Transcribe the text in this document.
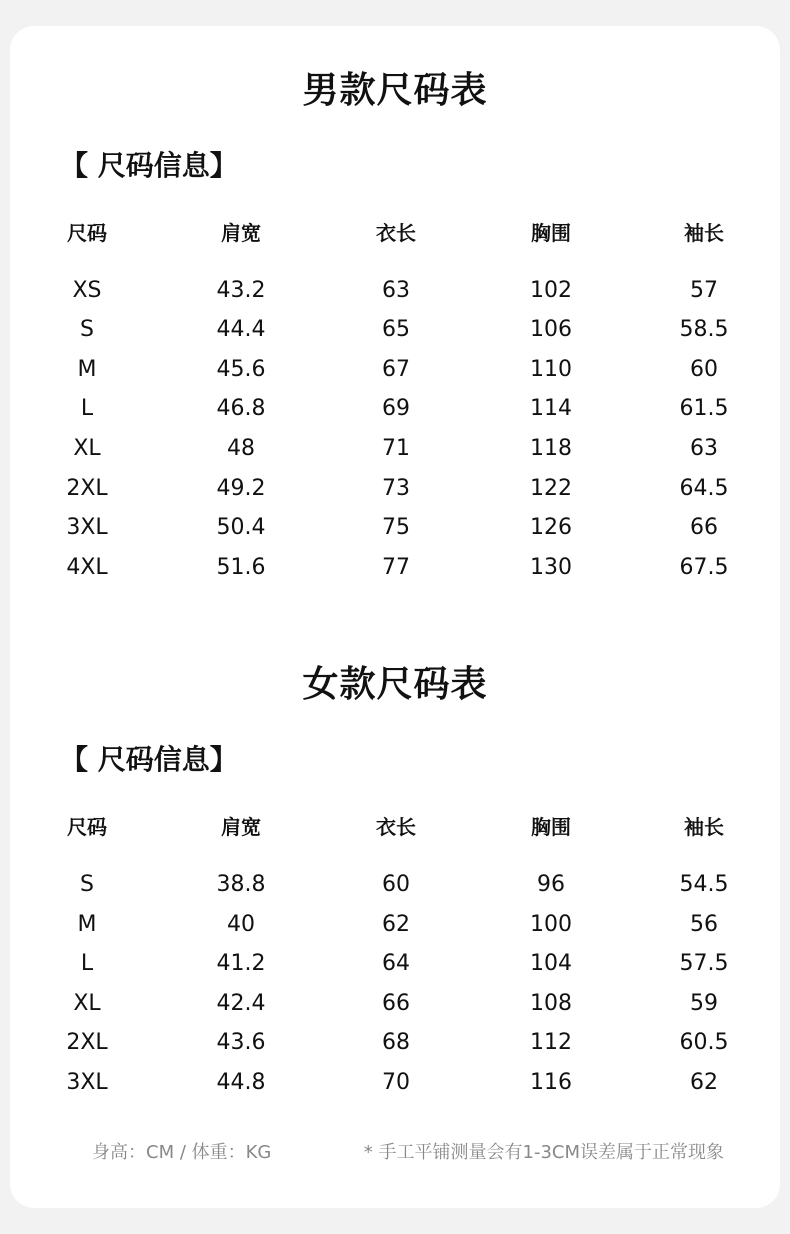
男款尺码表
【 尺码信息】
尺码	肩宽	衣长	胸围	袖长
XS	43.2	63	102	57
S	44.4	65	106	58.5
M	45.6	67	110	60
L	46.8	69	114	61.5
XL	48	71	118	63
2XL	49.2	73	122	64.5
3XL	50.4	75	126	66
4XL	51.6	77	130	67.5
女款尺码表
【 尺码信息】
尺码	肩宽	衣长	胸围	袖长
S	38.8	60	96	54.5
M	40	62	100	56
L	41.2	64	104	57.5
XL	42.4	66	108	59
2XL	43.6	68	112	60.5
3XL	44.8	70	116	62
身高：CM / 体重：KG	* 手工平铺测量会有1-3CM误差属于正常现象
